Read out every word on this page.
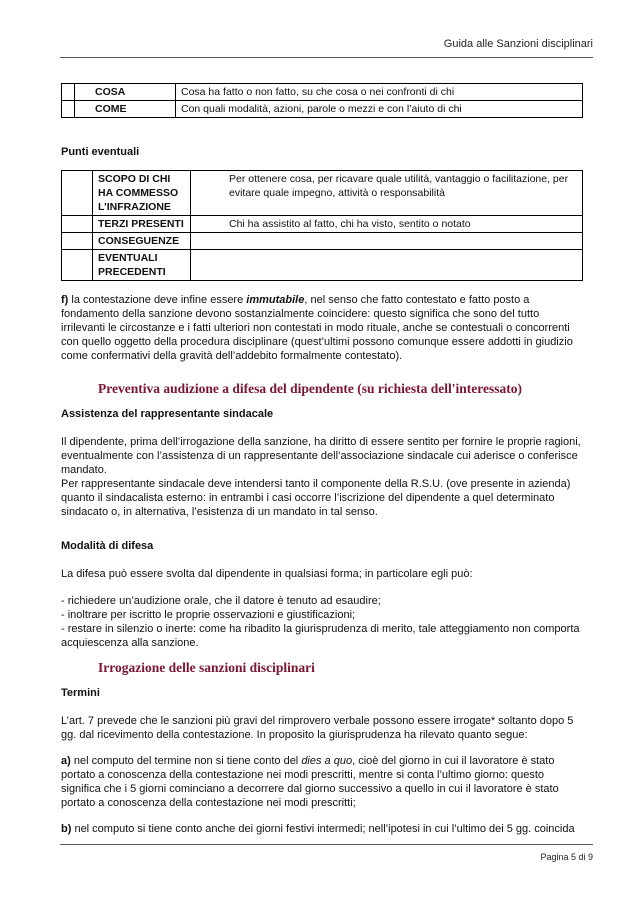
Guida alle Sanzioni disciplinari
	COSA	Cosa ha fatto o non fatto, su che cosa o nei confronti di chi
	COME	Con quali modalità, azioni, parole o mezzi e con l’aiuto di chi
Punti eventuali
	SCOPO DI CHI HA COMMESSO L’INFRAZIONE	Per ottenere cosa, per ricavare quale utilità, vantaggio o facilitazione, per evitare quale impegno, attività o responsabilità
	TERZI PRESENTI	Chi ha assistito al fatto, chi ha visto, sentito o notato
	CONSEGUENZE	
	EVENTUALI PRECEDENTI	

f) la contestazione deve infine essere immutabile, nel senso che fatto contestato e fatto posto a fondamento della sanzione devono sostanzialmente coincidere: questo significa che sono del tutto irrilevanti le circostanze e i fatti ulteriori non contestati in modo rituale, anche se contestuali o concorrenti con quello oggetto della procedura disciplinare (quest’ultimi possono comunque essere addotti in giudizio come confermativi della gravità dell’addebito formalmente contestato).

Preventiva audizione a difesa del dipendente (su richiesta dell'interessato)
Assistenza del rappresentante sindacale

Il dipendente, prima dell’irrogazione della sanzione, ha diritto di essere sentito per fornire le proprie ragioni, eventualmente con l’assistenza di un rappresentante dell’associazione sindacale cui aderisce o conferisce mandato.

Per rappresentante sindacale deve intendersi tanto il componente della R.S.U. (ove presente in azienda) quanto il sindacalista esterno: in entrambi i casi occorre l’iscrizione del dipendente a quel determinato sindacato o, in alternativa, l’esistenza di un mandato in tal senso.

Modalità di difesa
La difesa può essere svolta dal dipendente in qualsiasi forma; in particolare egli può:

- richiedere un’audizione orale, che il datore è tenuto ad esaudire;

- inoltrare per iscritto le proprie osservazioni e giustificazioni;

- restare in silenzio o inerte: come ha ribadito la giurisprudenza di merito, tale atteggiamento non comporta acquiescenza alla sanzione.

Irrogazione delle sanzioni disciplinari
Termini
L’art. 7 prevede che le sanzioni più gravi del rimprovero verbale possono essere irrogate* soltanto dopo 5 gg. dal ricevimento della contestazione. In proposito la giurisprudenza ha rilevato quanto segue:

a) nel computo del termine non si tiene conto del dies a quo, cioè del giorno in cui il lavoratore è stato portato a conoscenza della contestazione nei modi prescritti, mentre si conta l’ultimo giorno: questo significa che i 5 giorni cominciano a decorrere dal giorno successivo a quello in cui il lavoratore è stato portato a conoscenza della contestazione nei modi prescritti;

b) nel computo si tiene conto anche dei giorni festivi intermedi; nell’ipotesi in cui l’ultimo dei 5 gg. coincida

Pagina 5 di 9
